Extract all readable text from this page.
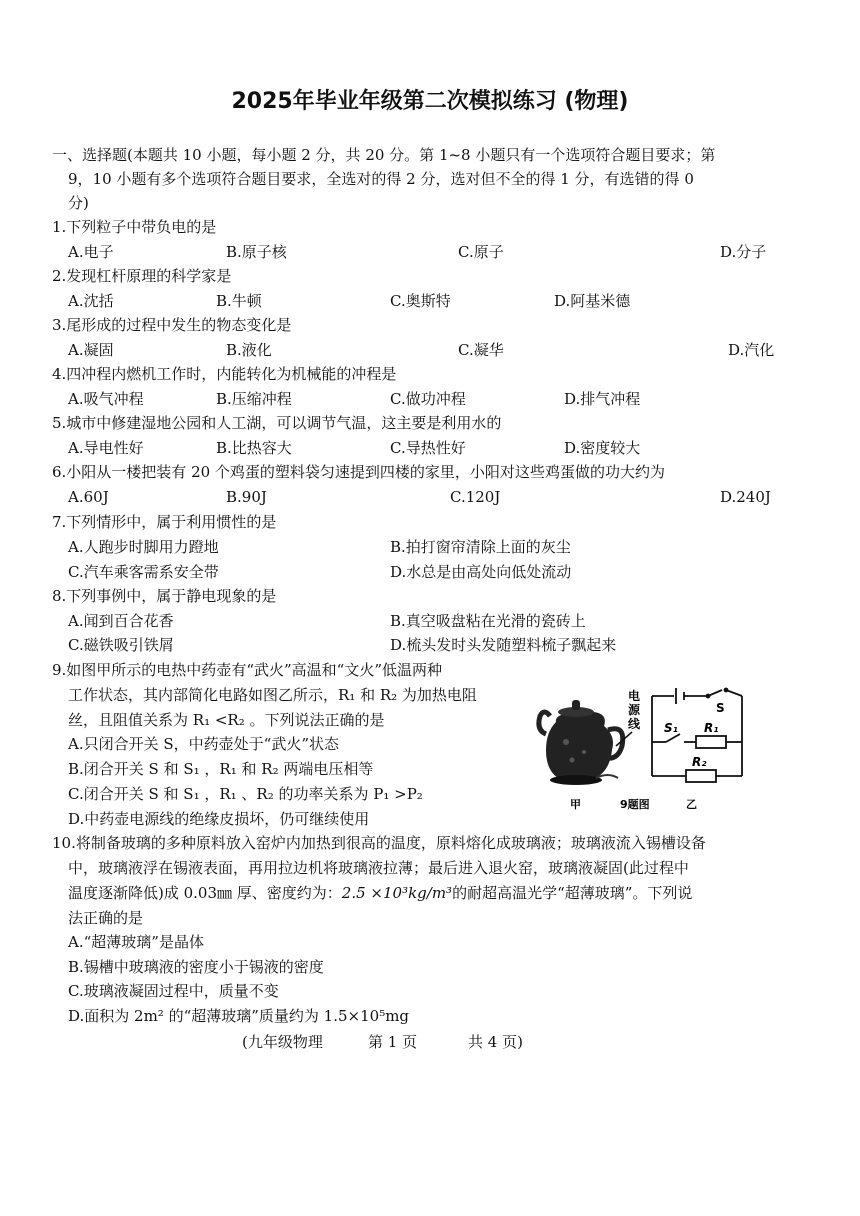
2025年毕业年级第二次模拟练习 (物理)
一、选择题(本题共 10 小题，每小题 2 分，共 20 分。第 1~8 小题只有一个选项符合题目要求；第
9，10 小题有多个选项符合题目要求，全选对的得 2 分，选对但不全的得 1 分，有选错的得 0
分)
1.下列粒子中带负电的是
A.电子	B.原子核	C.原子	D.分子
2.发现杠杆原理的科学家是
A.沈括	B.牛顿	C.奥斯特	D.阿基米德
3.尾形成的过程中发生的物态变化是
A.凝固	B.液化	C.凝华	D.汽化
4.四冲程内燃机工作时，内能转化为机械能的冲程是
A.吸气冲程	B.压缩冲程	C.做功冲程	D.排气冲程
5.城市中修建湿地公园和人工湖，可以调节气温，这主要是利用水的
A.导电性好	B.比热容大	C.导热性好	D.密度较大
6.小阳从一楼把装有 20 个鸡蛋的塑料袋匀速提到四楼的家里，小阳对这些鸡蛋做的功大约为
A.60J	B.90J	C.120J	D.240J
7.下列情形中，属于利用惯性的是
A.人跑步时脚用力蹬地	B.拍打窗帘清除上面的灰尘
C.汽车乘客需系安全带	D.水总是由高处向低处流动
8.下列事例中，属于静电现象的是
A.闻到百合花香	B.真空吸盘粘在光滑的瓷砖上
C.磁铁吸引铁屑	D.梳头发时头发随塑料梳子飘起来
9.如图甲所示的电热中药壶有“武火”高温和“文火”低温两种
工作状态，其内部简化电路如图乙所示，R₁ 和 R₂ 为加热电阻
丝，且阻值关系为 R₁ <R₂ 。下列说法正确的是
A.只闭合开关 S，中药壶处于“武火”状态
B.闭合开关 S 和 S₁ ，R₁ 和 R₂ 两端电压相等
C.闭合开关 S 和 S₁ ，R₁ 、R₂ 的功率关系为 P₁ >P₂
D.中药壶电源线的绝缘皮损坏，仍可继续使用
电
源
线
S
S₁ R₁
R₂
甲	9题图	乙
10.将制备玻璃的多种原料放入窑炉内加热到很高的温度，原料熔化成玻璃液；玻璃液流入锡槽设备
中，玻璃液浮在锡液表面，再用拉边机将玻璃液拉薄；最后进入退火窑，玻璃液凝固(此过程中
温度逐渐降低)成 0.03㎜ 厚、密度约为：2.5 ×10³kg/m³的耐超高温光学“超薄玻璃”。下列说
法正确的是
A.“超薄玻璃”是晶体
B.锡槽中玻璃液的密度小于锡液的密度
C.玻璃液凝固过程中，质量不变
D.面积为 2m² 的“超薄玻璃”质量约为 1.5×10⁵mg
(九年级物理	第 1 页	共 4 页)
